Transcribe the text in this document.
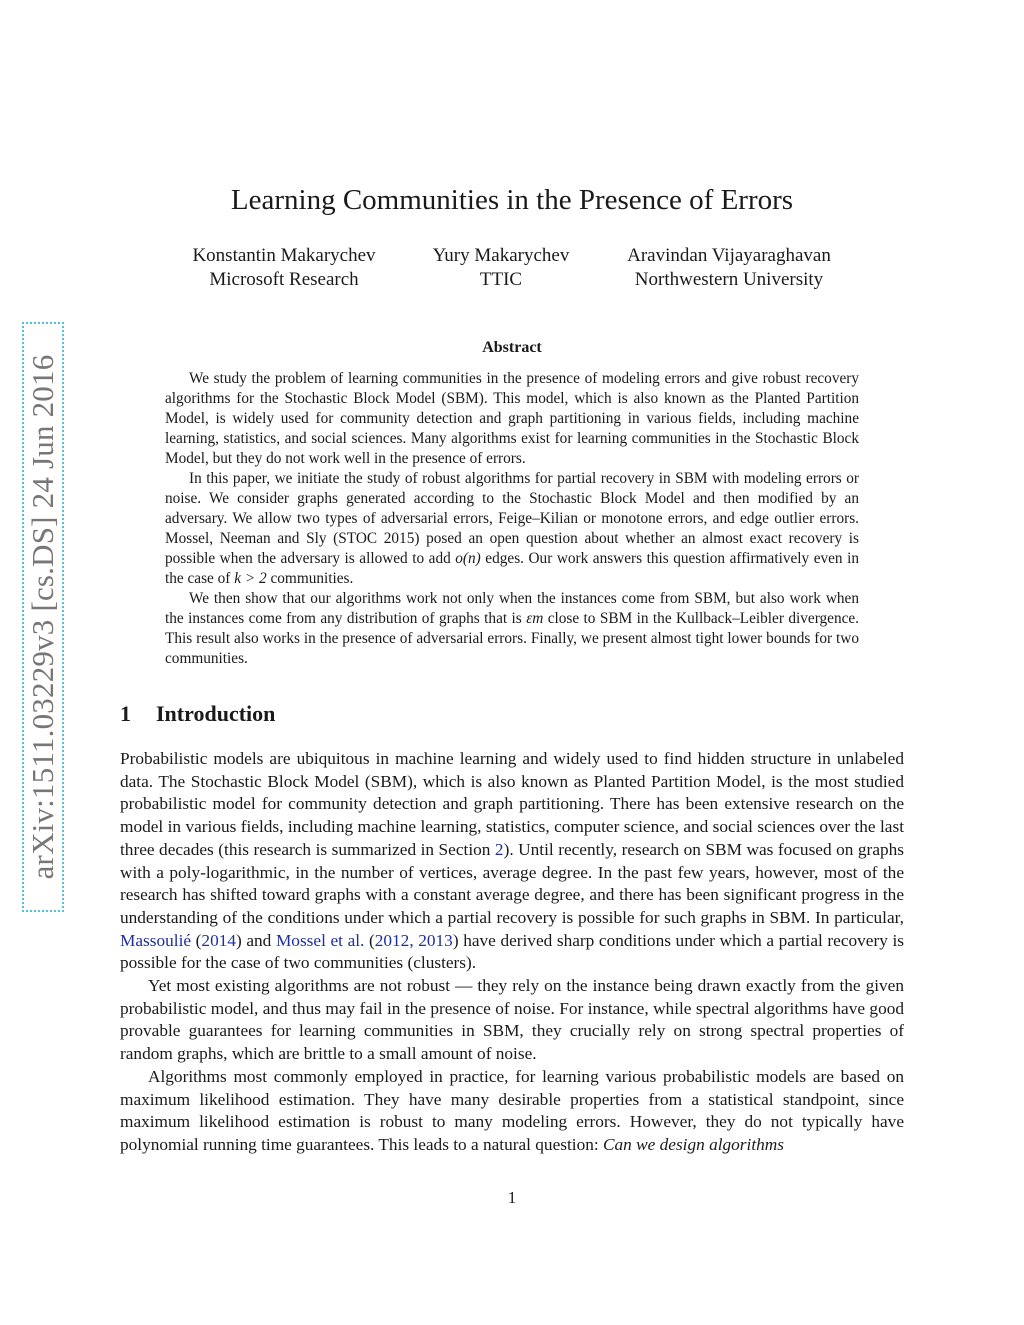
arXiv:1511.03229v3 [cs.DS] 24 Jun 2016
Learning Communities in the Presence of Errors
Konstantin Makarychev
Microsoft Research
Yury Makarychev
TTIC
Aravindan Vijayaraghavan
Northwestern University
Abstract

We study the problem of learning communities in the presence of modeling errors and give robust recovery algorithms for the Stochastic Block Model (SBM). This model, which is also known as the Planted Partition Model, is widely used for community detection and graph partitioning in various fields, including machine learning, statistics, and social sciences. Many algorithms exist for learning communities in the Stochastic Block Model, but they do not work well in the presence of errors.

In this paper, we initiate the study of robust algorithms for partial recovery in SBM with modeling errors or noise. We consider graphs generated according to the Stochastic Block Model and then modified by an adversary. We allow two types of adversarial errors, Feige–Kilian or monotone errors, and edge outlier errors. Mossel, Neeman and Sly (STOC 2015) posed an open question about whether an almost exact recovery is possible when the adversary is allowed to add o(n) edges. Our work answers this question affirmatively even in the case of k > 2 communities.

We then show that our algorithms work not only when the instances come from SBM, but also work when the instances come from any distribution of graphs that is εm close to SBM in the Kullback–Leibler divergence. This result also works in the presence of adversarial errors. Finally, we present almost tight lower bounds for two communities.

1 Introduction

Probabilistic models are ubiquitous in machine learning and widely used to find hidden structure in unlabeled data. The Stochastic Block Model (SBM), which is also known as Planted Partition Model, is the most studied probabilistic model for community detection and graph partitioning. There has been extensive research on the model in various fields, including machine learning, statistics, computer science, and social sciences over the last three decades (this research is summarized in Section 2). Until recently, research on SBM was focused on graphs with a poly-logarithmic, in the number of vertices, average degree. In the past few years, however, most of the research has shifted toward graphs with a constant average degree, and there has been significant progress in the understanding of the conditions under which a partial recovery is possible for such graphs in SBM. In particular, Massoulié (2014) and Mossel et al. (2012, 2013) have derived sharp conditions under which a partial recovery is possible for the case of two communities (clusters).

Yet most existing algorithms are not robust — they rely on the instance being drawn exactly from the given probabilistic model, and thus may fail in the presence of noise. For instance, while spectral algorithms have good provable guarantees for learning communities in SBM, they crucially rely on strong spectral properties of random graphs, which are brittle to a small amount of noise.

Algorithms most commonly employed in practice, for learning various probabilistic models are based on maximum likelihood estimation. They have many desirable properties from a statistical standpoint, since maximum likelihood estimation is robust to many modeling errors. However, they do not typically have polynomial running time guarantees. This leads to a natural question: Can we design algorithms

1
